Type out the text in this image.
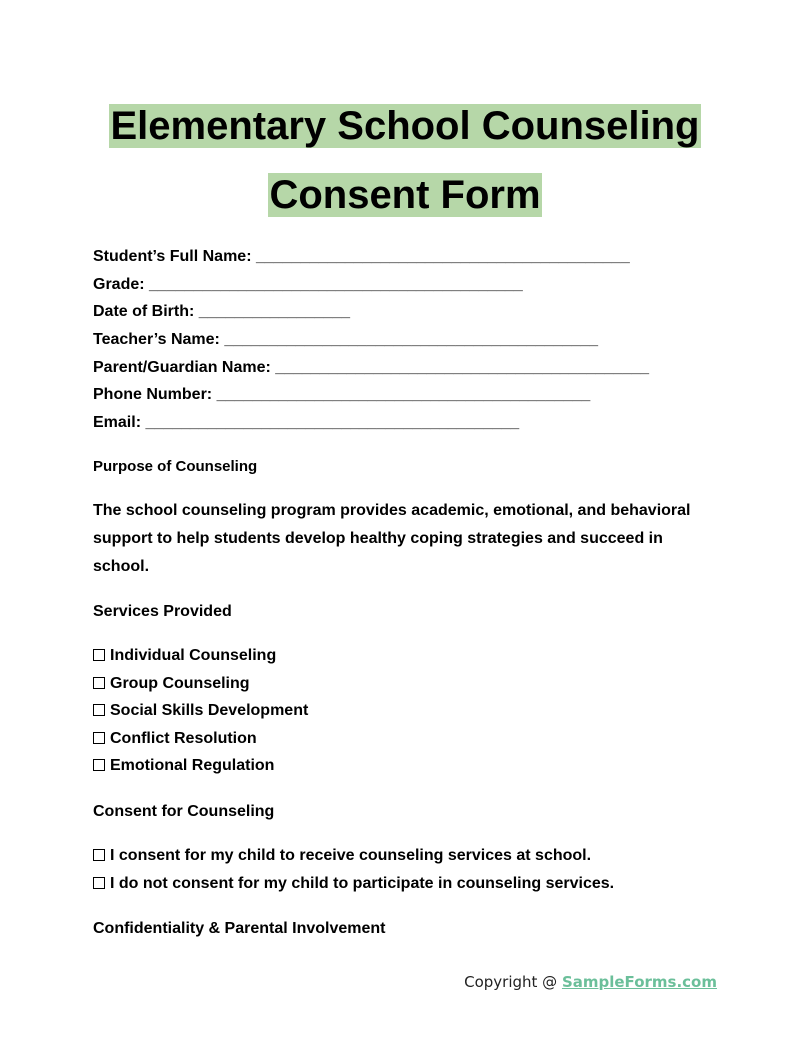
Elementary School Counseling
Consent Form
Student’s Full Name: __________________________________________
Grade: __________________________________________
Date of Birth: _________________
Teacher’s Name: __________________________________________
Parent/Guardian Name: __________________________________________
Phone Number: __________________________________________
Email: __________________________________________
Purpose of Counseling
The school counseling program provides academic, emotional, and behavioral support to help students develop healthy coping strategies and succeed in school.
Services Provided
Individual Counseling
Group Counseling
Social Skills Development
Conflict Resolution
Emotional Regulation
Consent for Counseling
I consent for my child to receive counseling services at school.
I do not consent for my child to participate in counseling services.
Confidentiality & Parental Involvement
Copyright @ SampleForms.com
